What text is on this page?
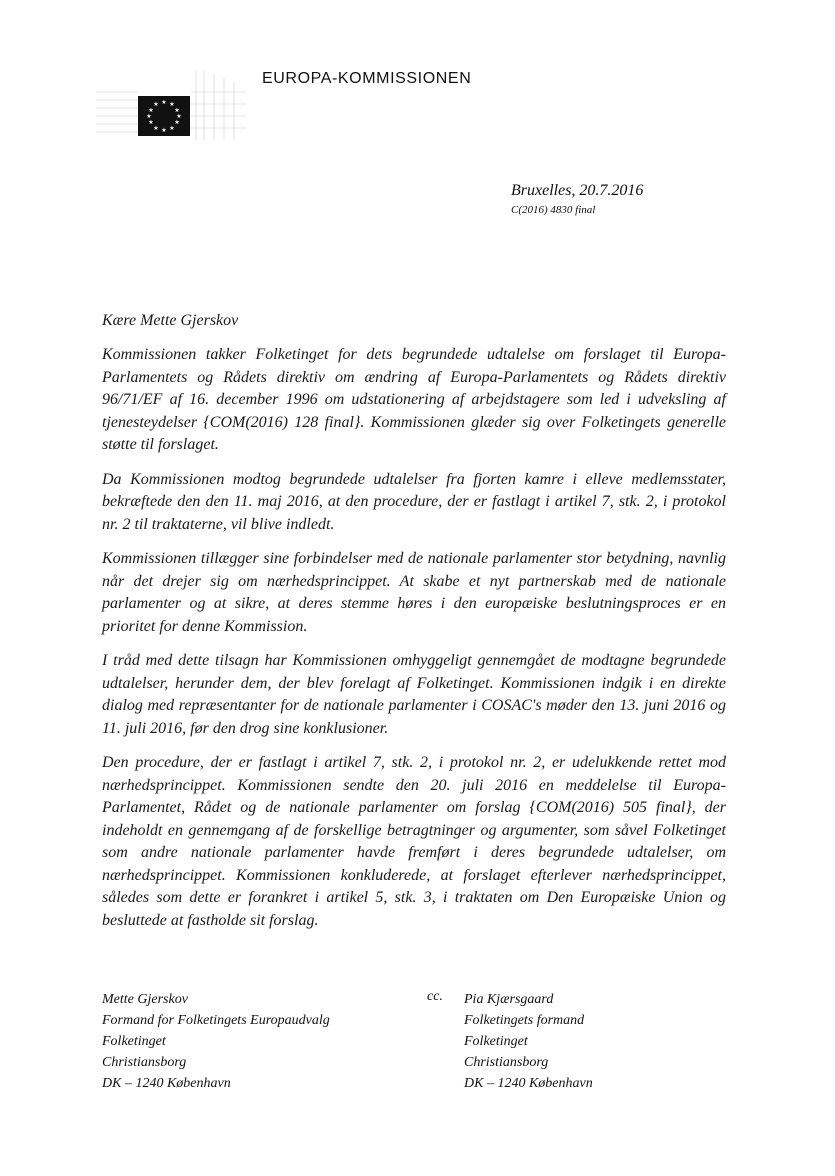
★ ★
★
★
★
★
★
★
★
★
★
★
EUROPA-KOMMISSIONEN
Bruxelles, 20.7.2016
C(2016) 4830 final
Kære Mette Gjerskov

Kommissionen takker Folketinget for dets begrundede udtalelse om forslaget til Europa-Parlamentets og Rådets direktiv om ændring af Europa-Parlamentets og Rådets direktiv 96/71/EF af 16. december 1996 om udstationering af arbejdstagere som led i udveksling af tjenesteydelser {COM(2016) 128 final}. Kommissionen glæder sig over Folketingets generelle støtte til forslaget.

Da Kommissionen modtog begrundede udtalelser fra fjorten kamre i elleve medlemsstater, bekræftede den den 11. maj 2016, at den procedure, der er fastlagt i artikel 7, stk. 2, i protokol nr. 2 til traktaterne, vil blive indledt.

Kommissionen tillægger sine forbindelser med de nationale parlamenter stor betydning, navnlig når det drejer sig om nærhedsprincippet. At skabe et nyt partnerskab med de nationale parlamenter og at sikre, at deres stemme høres i den europæiske beslutningsproces er en prioritet for denne Kommission.

I tråd med dette tilsagn har Kommissionen omhyggeligt gennemgået de modtagne begrundede udtalelser, herunder dem, der blev forelagt af Folketinget. Kommissionen indgik i en direkte dialog med repræsentanter for de nationale parlamenter i COSAC's møder den 13. juni 2016 og 11. juli 2016, før den drog sine konklusioner.

Den procedure, der er fastlagt i artikel 7, stk. 2, i protokol nr. 2, er udelukkende rettet mod nærhedsprincippet. Kommissionen sendte den 20. juli 2016 en meddelelse til Europa-Parlamentet, Rådet og de nationale parlamenter om forslag {COM(2016) 505 final}, der indeholdt en gennemgang af de forskellige betragtninger og argumenter, som såvel Folketinget som andre nationale parlamenter havde fremført i deres begrundede udtalelser, om nærhedsprincippet. Kommissionen konkluderede, at forslaget efterlever nærhedsprincippet, således som dette er forankret i artikel 5, stk. 3, i traktaten om Den Europæiske Union og besluttede at fastholde sit forslag.

Mette Gjerskov
Formand for Folketingets Europaudvalg
Folketinget
Christiansborg
DK – 1240 København
cc. Pia Kjærsgaard
Folketingets formand
Folketinget
Christiansborg
DK – 1240 København
